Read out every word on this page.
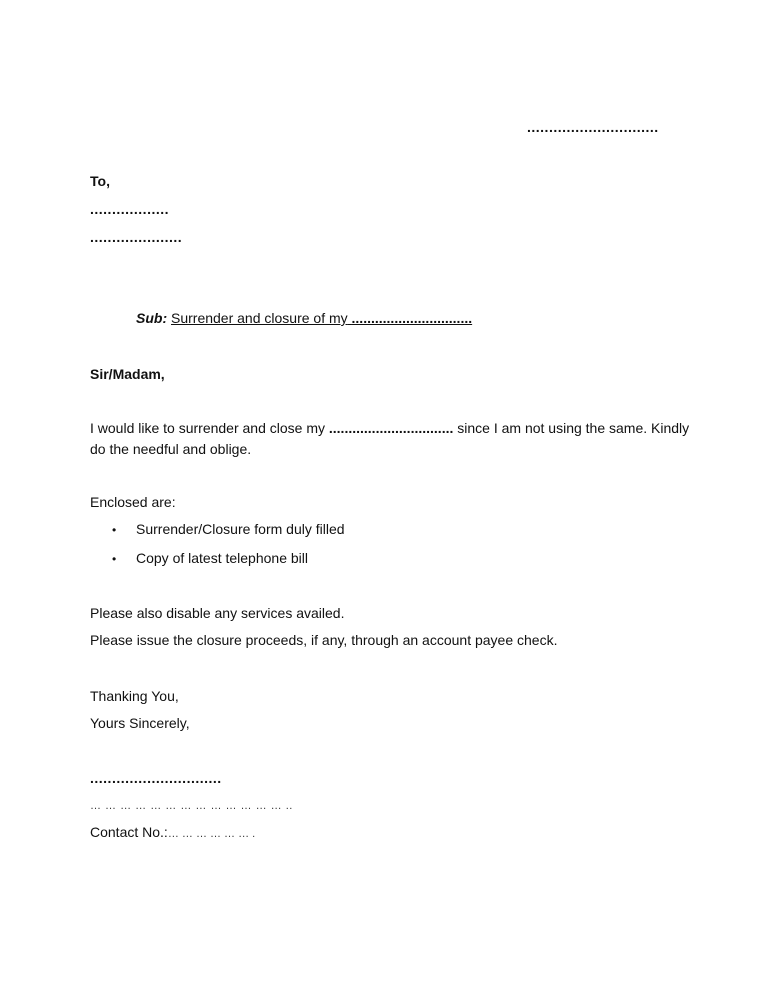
..............................
To,
..................
.....................
Sub: Surrender and closure of my ...............................
Sir/Madam,
I would like to surrender and close my ................................ since I am not using the same. Kindly do the needful and oblige.
Enclosed are:
• Surrender/Closure form duly filled
• Copy of latest telephone bill
Please also disable any services availed.
Please issue the closure proceeds, if any, through an account payee check.
Thanking You,
Yours Sincerely,
..............................
… … … … … … … … … … … … … ..
Contact No.:… … … … … … .
